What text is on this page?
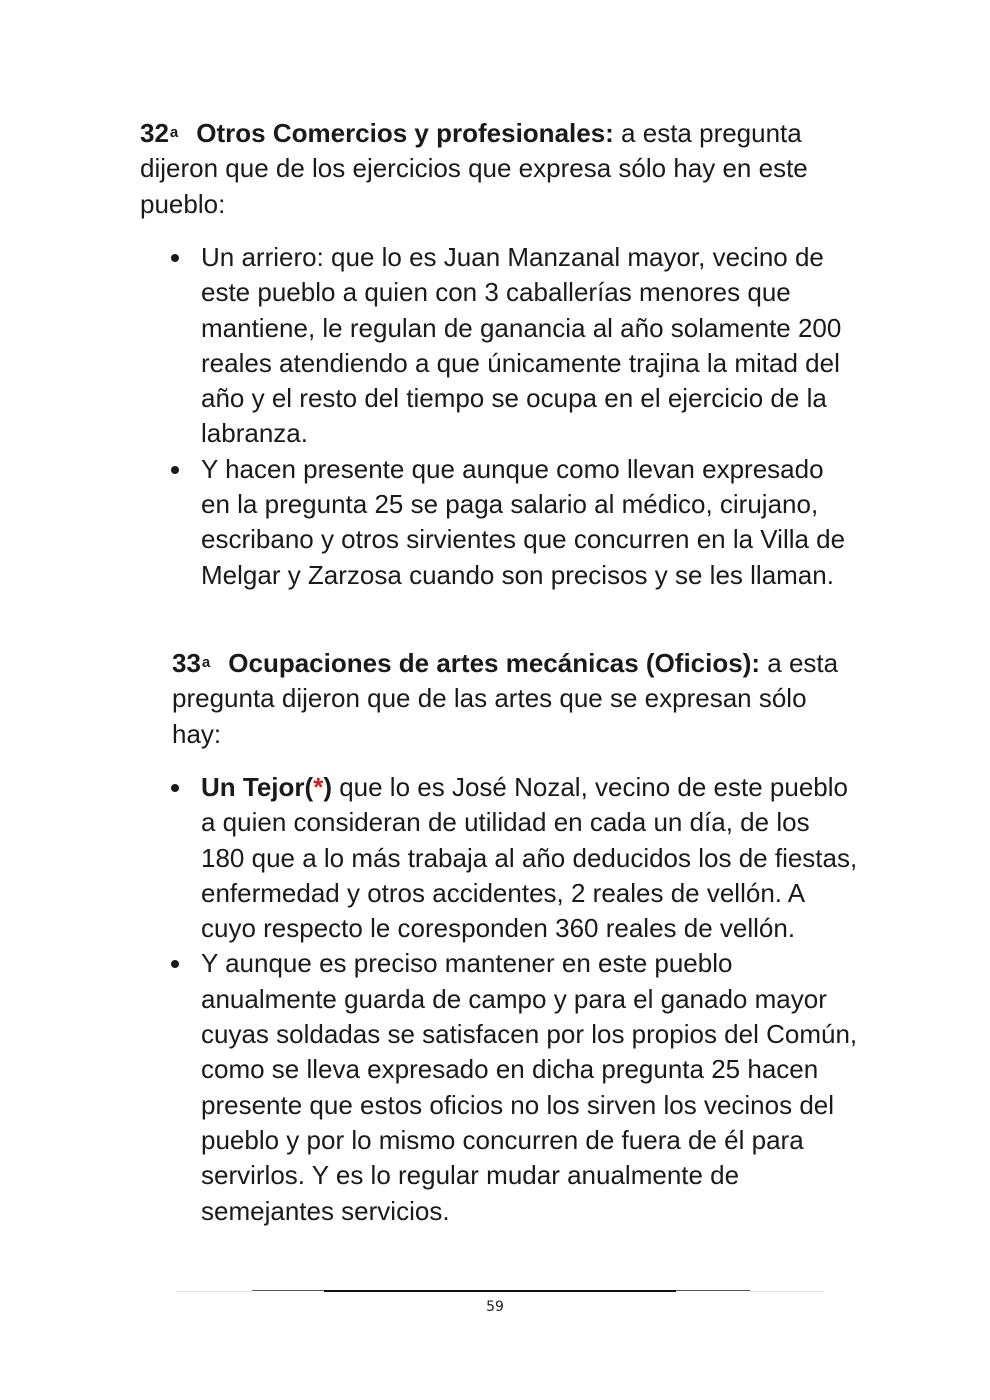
32$^a$ Otros Comercios y profesionales: a esta pregunta dijeron que de los ejercicios que expresa sólo hay en este pueblo:

Un arriero: que lo es Juan Manzanal mayor, vecino de este pueblo a quien con 3 caballerías menores que mantiene, le regulan de ganancia al año solamente 200 reales atendiendo a que únicamente trajina la mitad del año y el resto del tiempo se ocupa en el ejercicio de la labranza.
Y hacen presente que aunque como llevan expresado en la pregunta 25 se paga salario al médico, cirujano, escribano y otros sirvientes que concurren en la Villa de Melgar y Zarzosa cuando son precisos y se les llaman.

33$^a$ Ocupaciones de artes mecánicas (Oficios): a esta pregunta dijeron que de las artes que se expresan sólo hay:

Un Tejor(*) que lo es José Nozal, vecino de este pueblo a quien consideran de utilidad en cada un día, de los 180 que a lo más trabaja al año deducidos los de fiestas, enfermedad y otros accidentes, 2 reales de vellón. A cuyo respecto le coresponden 360 reales de vellón.
Y aunque es preciso mantener en este pueblo anualmente guarda de campo y para el ganado mayor cuyas soldadas se satisfacen por los propios del Común, como se lleva expresado en dicha pregunta 25 hacen presente que estos oficios no los sirven los vecinos del pueblo y por lo mismo concurren de fuera de él para servirlos. Y es lo regular mudar anualmente de semejantes servicios.
59
